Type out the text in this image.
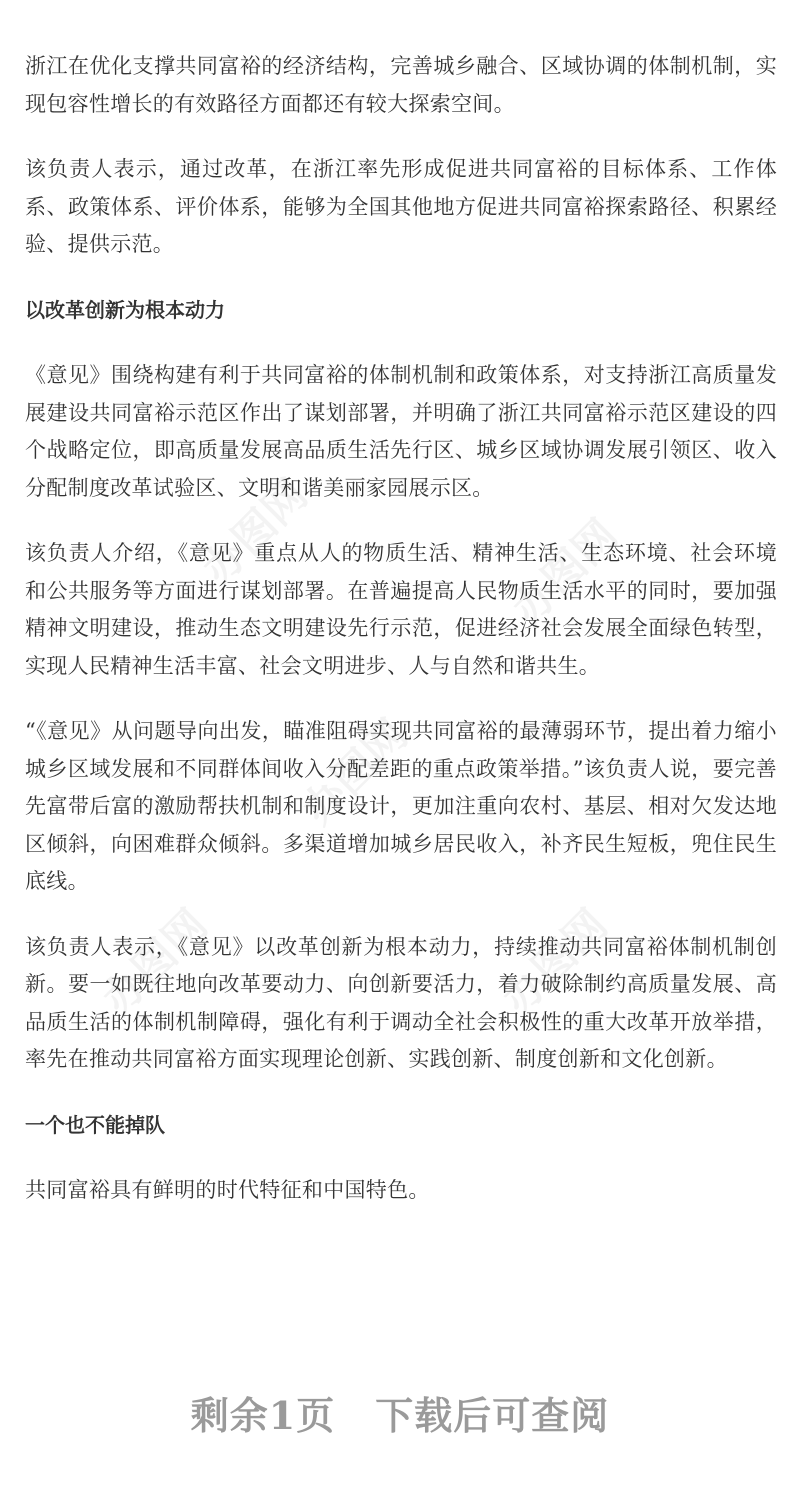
办图网	办图网
办图网
办图网	办图网

浙江在优化支撑共同富裕的经济结构，完善城乡融合、区域协调的体制机制，实现包容性增长的有效路径方面都还有较大探索空间。

该负责人表示，通过改革，在浙江率先形成促进共同富裕的目标体系、工作体系、政策体系、评价体系，能够为全国其他地方促进共同富裕探索路径、积累经验、提供示范。

以改革创新为根本动力

《意见》围绕构建有利于共同富裕的体制机制和政策体系，对支持浙江高质量发展建设共同富裕示范区作出了谋划部署，并明确了浙江共同富裕示范区建设的四个战略定位，即高质量发展高品质生活先行区、城乡区域协调发展引领区、收入分配制度改革试验区、文明和谐美丽家园展示区。

该负责人介绍，《意见》重点从人的物质生活、精神生活、生态环境、社会环境和公共服务等方面进行谋划部署。在普遍提高人民物质生活水平的同时，要加强精神文明建设，推动生态文明建设先行示范，促进经济社会发展全面绿色转型，实现人民精神生活丰富、社会文明进步、人与自然和谐共生。

“《意见》从问题导向出发，瞄准阻碍实现共同富裕的最薄弱环节，提出着力缩小城乡区域发展和不同群体间收入分配差距的重点政策举措。”该负责人说，要完善先富带后富的激励帮扶机制和制度设计，更加注重向农村、基层、相对欠发达地区倾斜，向困难群众倾斜。多渠道增加城乡居民收入，补齐民生短板，兜住民生底线。

该负责人表示，《意见》以改革创新为根本动力，持续推动共同富裕体制机制创新。要一如既往地向改革要动力、向创新要活力，着力破除制约高质量发展、高品质生活的体制机制障碍，强化有利于调动全社会积极性的重大改革开放举措，率先在推动共同富裕方面实现理论创新、实践创新、制度创新和文化创新。

一个也不能掉队

共同富裕具有鲜明的时代特征和中国特色。

剩余1页 下载后可查阅
